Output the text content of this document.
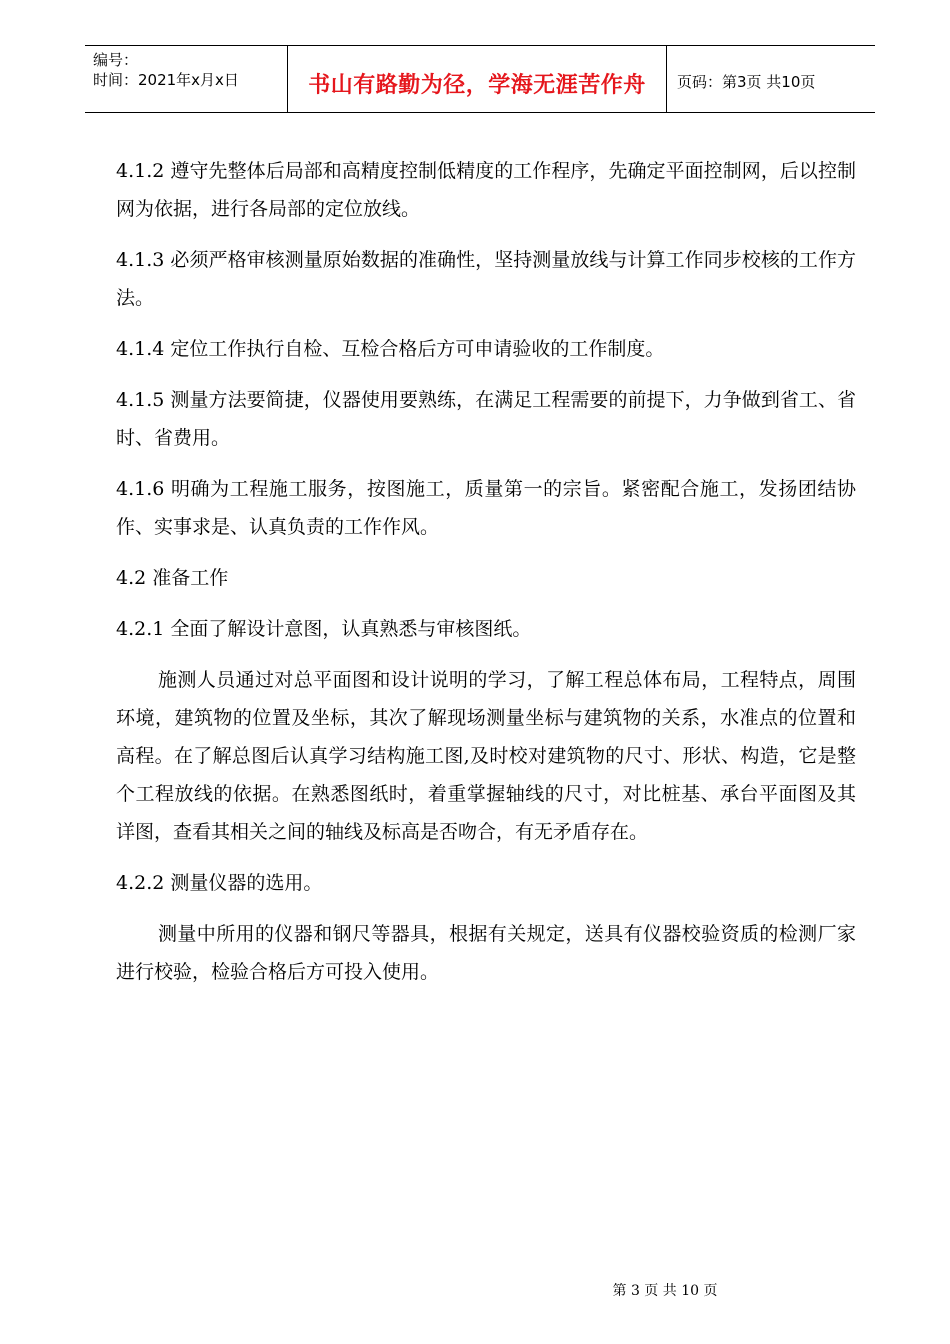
编号：
时间：2021年x月x日	书山有路勤为径，学海无涯苦作舟	页码：第3页 共10页

4.1.2 遵守先整体后局部和高精度控制低精度的工作程序，先确定平面控制网，后以控制网为依据，进行各局部的定位放线。

4.1.3 必须严格审核测量原始数据的准确性，坚持测量放线与计算工作同步校核的工作方法。

4.1.4 定位工作执行自检、互检合格后方可申请验收的工作制度。

4.1.5 测量方法要简捷，仪器使用要熟练，在满足工程需要的前提下，力争做到省工、省时、省费用。

4.1.6 明确为工程施工服务，按图施工，质量第一的宗旨。紧密配合施工，发扬团结协作、实事求是、认真负责的工作作风。

4.2 准备工作

4.2.1 全面了解设计意图，认真熟悉与审核图纸。

施测人员通过对总平面图和设计说明的学习，了解工程总体布局，工程特点，周围环境，建筑物的位置及坐标，其次了解现场测量坐标与建筑物的关系，水准点的位置和高程。在了解总图后认真学习结构施工图,及时校对建筑物的尺寸、形状、构造，它是整个工程放线的依据。在熟悉图纸时，着重掌握轴线的尺寸，对比桩基、承台平面图及其详图，查看其相关之间的轴线及标高是否吻合，有无矛盾存在。

4.2.2 测量仪器的选用。

测量中所用的仪器和钢尺等器具，根据有关规定，送具有仪器校验资质的检测厂家进行校验，检验合格后方可投入使用。

第 3 页 共 10 页
